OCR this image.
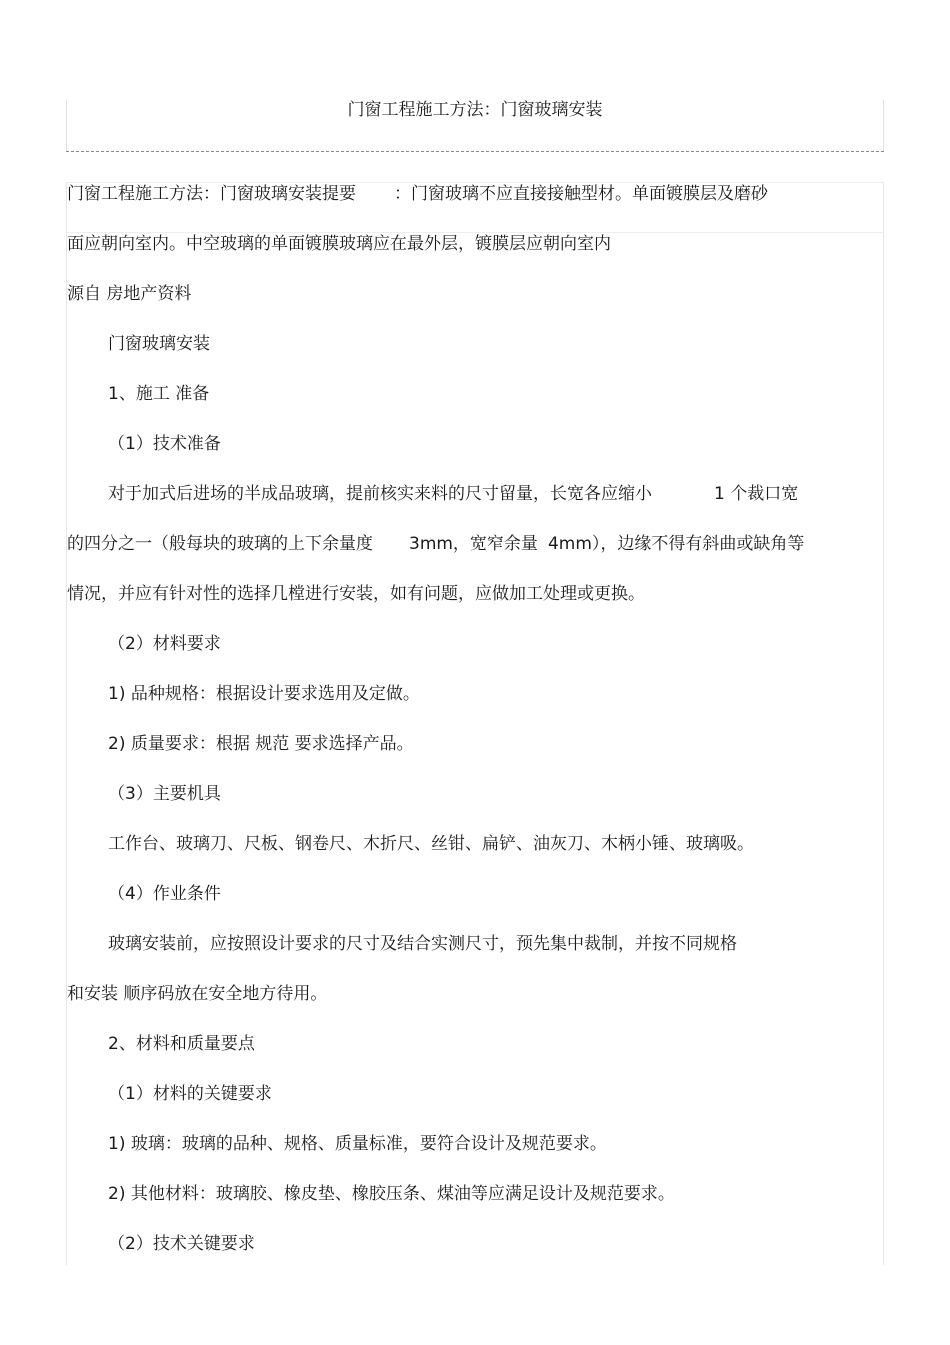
门窗工程施工方法：门窗玻璃安装
门窗工程施工方法：门窗玻璃安装提要 ：门窗玻璃不应直接接触型材。单面镀膜层及磨砂
面应朝向室内。中空玻璃的单面镀膜玻璃应在最外层，镀膜层应朝向室内
源自 房地产资料
门窗玻璃安装
1、施工 准备
（1）技术准备
对于加式后进场的半成品玻璃，提前核实来料的尺寸留量，长宽各应缩小	1 个裁口宽
的四分之一（般每块的玻璃的上下余量度 3mm，宽窄余量 4mm），边缘不得有斜曲或缺角等
情况，并应有针对性的选择几樘进行安装，如有问题，应做加工处理或更换。
（2）材料要求
1) 品种规格：根据设计要求选用及定做。
2) 质量要求：根据 规范 要求选择产品。
（3）主要机具
工作台、玻璃刀、尺板、钢卷尺、木折尺、丝钳、扁铲、油灰刀、木柄小锤、玻璃吸。
（4）作业条件
玻璃安装前，应按照设计要求的尺寸及结合实测尺寸，预先集中裁制，并按不同规格
和安装 顺序码放在安全地方待用。
2、材料和质量要点
（1）材料的关键要求
1) 玻璃：玻璃的品种、规格、质量标准，要符合设计及规范要求。
2) 其他材料：玻璃胶、橡皮垫、橡胶压条、煤油等应满足设计及规范要求。
（2）技术关键要求
